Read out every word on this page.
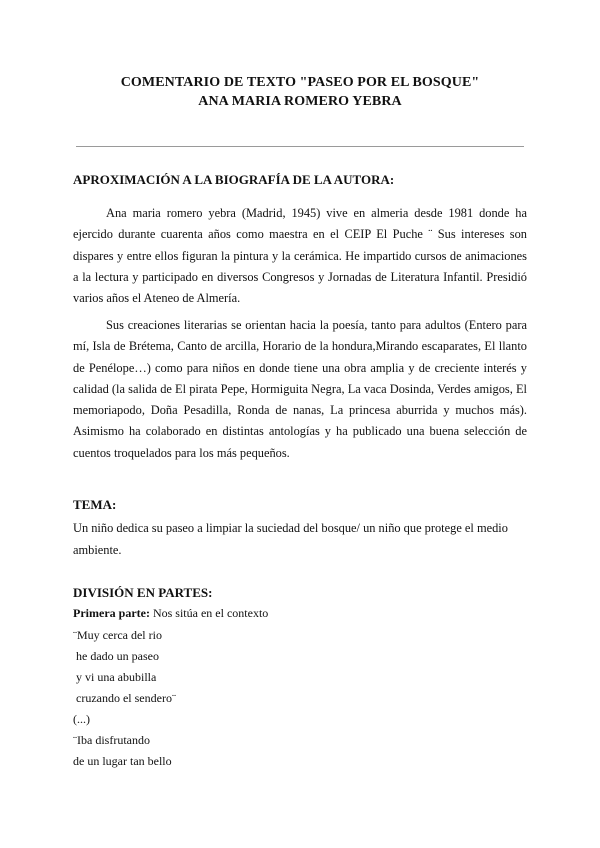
COMENTARIO DE TEXTO "PASEO POR EL BOSQUE"
ANA MARIA ROMERO YEBRA
APROXIMACIÓN A LA BIOGRAFÍA DE LA AUTORA:

Ana maria romero yebra (Madrid, 1945) vive en almeria desde 1981 donde ha ejercido durante cuarenta años como maestra en el CEIP El Puche ¨ Sus intereses son dispares y entre ellos figuran la pintura y la cerámica. He impartido cursos de animaciones a la lectura y participado en diversos Congresos y Jornadas de Literatura Infantil. Presidió varios años el Ateneo de Almería.

Sus creaciones literarias se orientan hacia la poesía, tanto para adultos (Entero para mí, Isla de Brétema, Canto de arcilla, Horario de la hondura,Mirando escaparates, El llanto de Penélope…) como para niños en donde tiene una obra amplia y de creciente interés y calidad (la salida de El pirata Pepe, Hormiguita Negra, La vaca Dosinda, Verdes amigos, El memoriapodo, Doña Pesadilla, Ronda de nanas, La princesa aburrida y muchos más). Asimismo ha colaborado en distintas antologías y ha publicado una buena selección de cuentos troquelados para los más pequeños.

TEMA:

Un niño dedica su paseo a limpiar la suciedad del bosque/ un niño que protege el medio ambiente.

DIVISIÓN EN PARTES:
Primera parte: Nos sitúa en el contexto
¨Muy cerca del rio
he dado un paseo
y vi una abubilla
cruzando el sendero¨
(...)
¨Iba disfrutando
de un lugar tan bello
